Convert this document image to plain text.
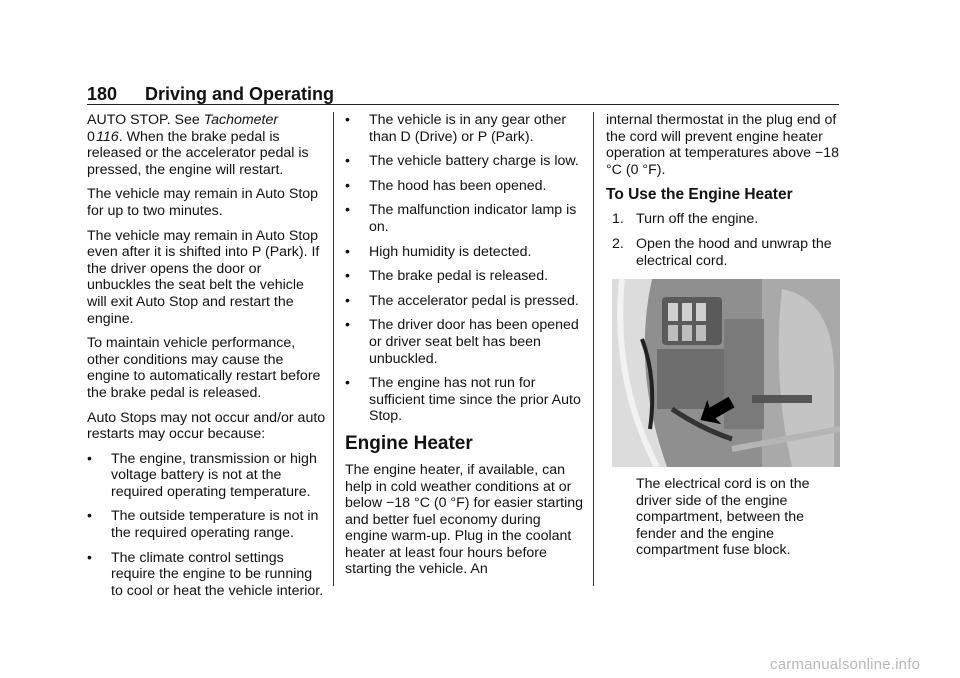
180 Driving and Operating

AUTO STOP. See Tachometer
0 116. When the brake pedal is released or the accelerator pedal is pressed, the engine will restart.

The vehicle may remain in Auto Stop for up to two minutes.

The vehicle may remain in Auto Stop even after it is shifted into P (Park). If the driver opens the door or unbuckles the seat belt the vehicle will exit Auto Stop and restart the engine.

To maintain vehicle performance, other conditions may cause the engine to automatically restart before the brake pedal is released.

Auto Stops may not occur and/or auto restarts may occur because:

• The engine, transmission or high voltage battery is not at the required operating temperature.
• The outside temperature is not in the required operating range.
• The climate control settings require the engine to be running to cool or heat the vehicle interior.
• The vehicle is in any gear other than D (Drive) or P (Park).
• The vehicle battery charge is low.
• The hood has been opened.
• The malfunction indicator lamp is on.
• High humidity is detected.
• The brake pedal is released.
• The accelerator pedal is pressed.
• The driver door has been opened or driver seat belt has been unbuckled.
• The engine has not run for sufficient time since the prior Auto Stop.
Engine Heater

The engine heater, if available, can help in cold weather conditions at or below −18 °C (0 °F) for easier starting and better fuel economy during engine warm-up. Plug in the coolant heater at least four hours before starting the vehicle. An

internal thermostat in the plug end of the cord will prevent engine heater operation at temperatures above −18 °C (0 °F).

To Use the Engine Heater
1. Turn off the engine.
2. Open the hood and unwrap the electrical cord.
The electrical cord is on the driver side of the engine compartment, between the fender and the engine compartment fuse block.
carmanualsonline.info
